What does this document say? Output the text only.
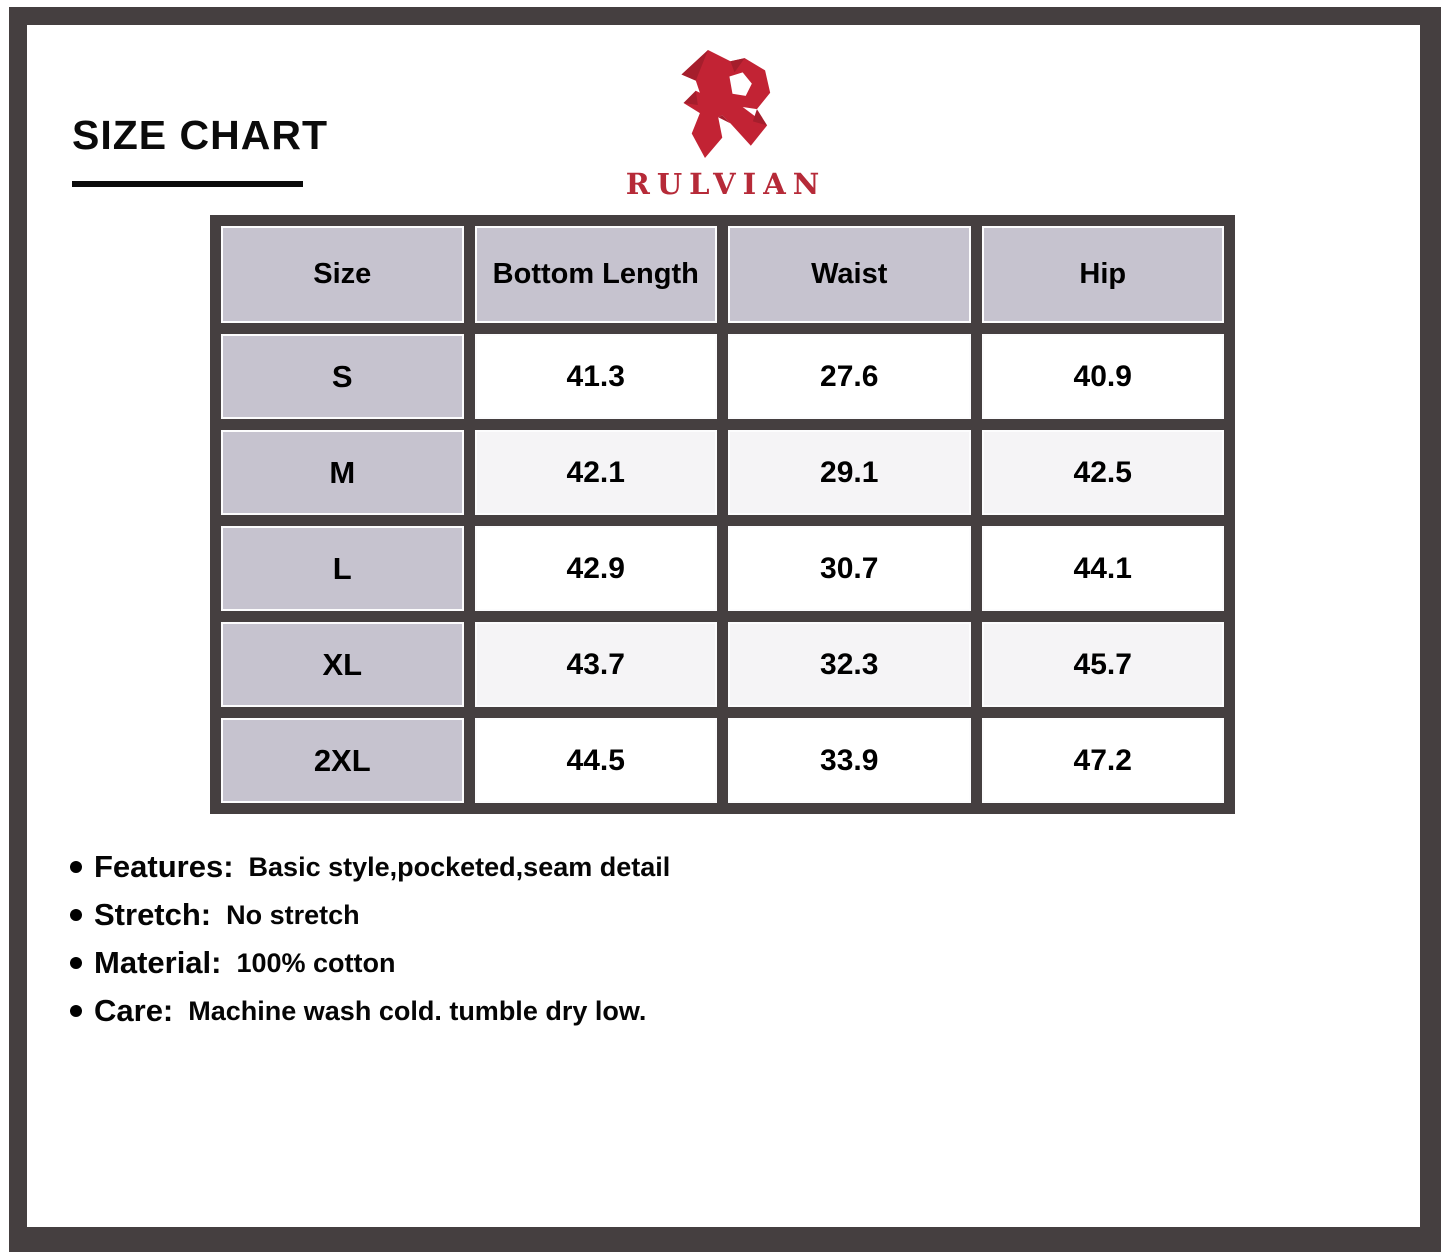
SIZE CHART
RULVIAN
Size	Bottom Length	Waist	Hip
S	41.3	27.6	40.9
M	42.1	29.1	42.5
L	42.9	30.7	44.1
XL	43.7	32.3	45.7
2XL	44.5	33.9	47.2
Features: Basic style,pocketed,seam detail
Stretch: No stretch
Material: 100% cotton
Care: Machine wash cold. tumble dry low.
